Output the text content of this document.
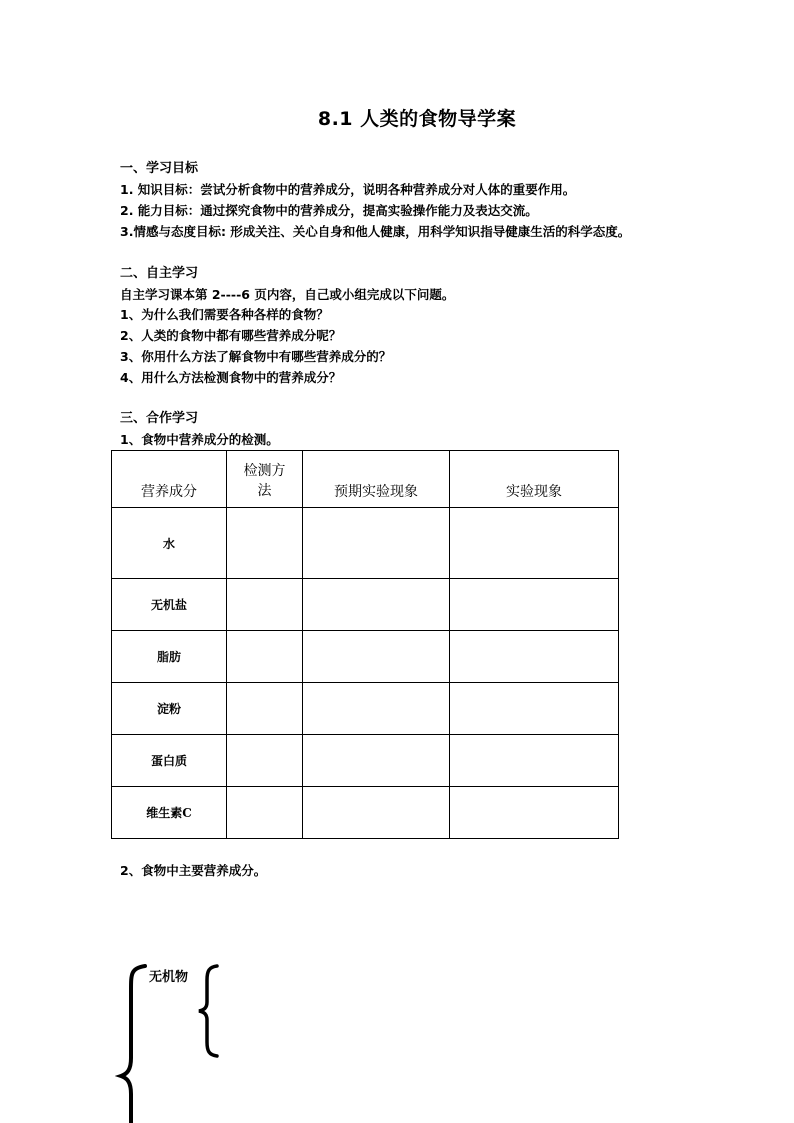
8.1 人类的食物导学案
一、学习目标
1. 知识目标：尝试分析食物中的营养成分，说明各种营养成分对人体的重要作用。
2. 能力目标：通过探究食物中的营养成分，提高实验操作能力及表达交流。
3.情感与态度目标: 形成关注、关心自身和他人健康，用科学知识指导健康生活的科学态度。
二、自主学习
自主学习课本第 2----6 页内容，自己或小组完成以下问题。
1、为什么我们需要各种各样的食物？
2、人类的食物中都有哪些营养成分呢？
3、你用什么方法了解食物中有哪些营养成分的？
4、用什么方法检测食物中的营养成分？
三、合作学习
1、食物中营养成分的检测。
营养成分	检测方法	预期实验现象	实验现象
水			
无机盐			
脂肪			
淀粉			
蛋白质			
维生素C			
2、食物中主要营养成分。
无机物
